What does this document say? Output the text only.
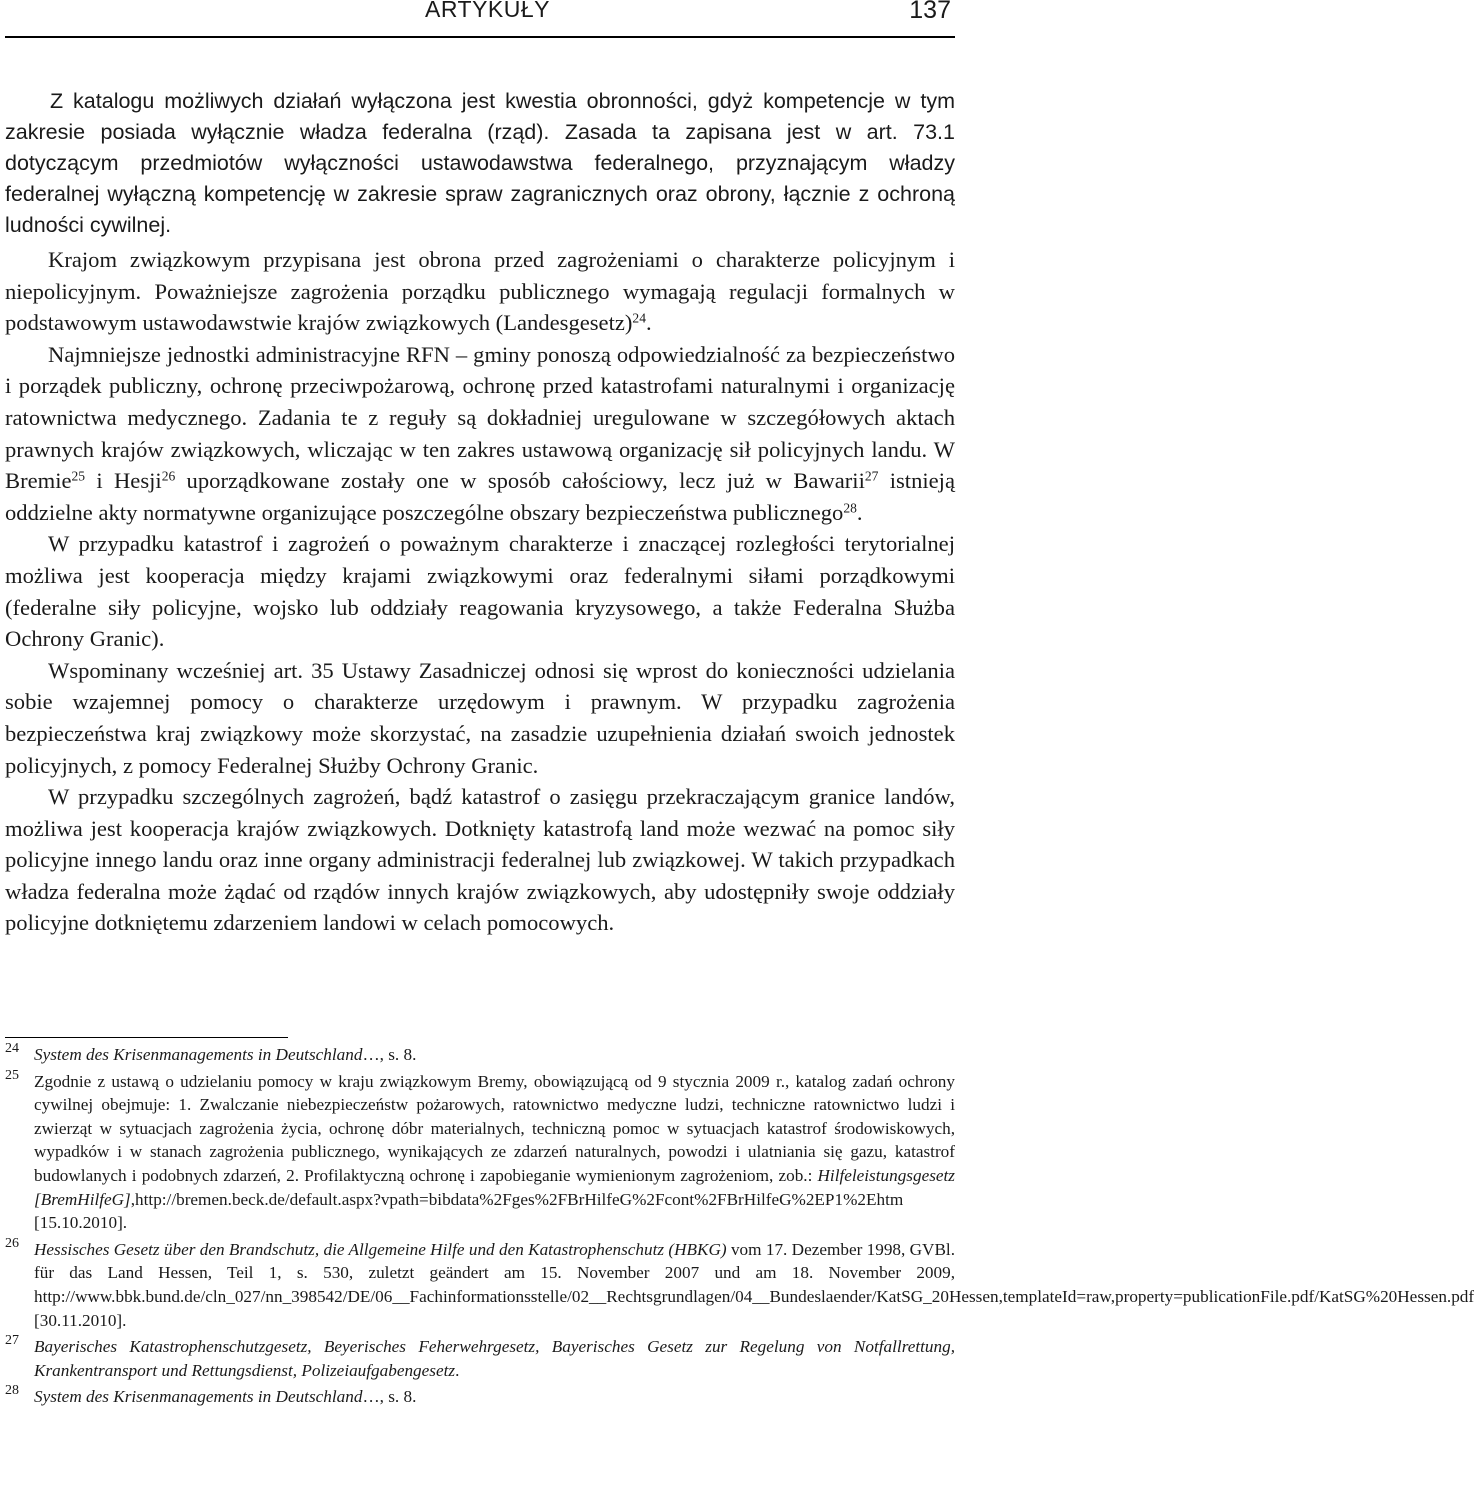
ARTYKUŁY	137

Z katalogu możliwych działań wyłączona jest kwestia obronności, gdyż kompetencje w tym zakresie posiada wyłącznie władza federalna (rząd). Zasada ta zapisana jest w art. 73.1 dotyczącym przedmiotów wyłączności ustawodawstwa federalnego, przyznającym władzy federalnej wyłączną kompetencję w zakresie spraw zagranicznych oraz obrony, łącznie z ochroną ludności cywilnej.

Krajom związkowym przypisana jest obrona przed zagrożeniami o charakterze policyjnym i niepolicyjnym. Poważniejsze zagrożenia porządku publicznego wymagają regulacji formalnych w podstawowym ustawodawstwie krajów związkowych (Landesgesetz)$^{24}$.

Najmniejsze jednostki administracyjne RFN – gminy ponoszą odpowiedzialność za bezpieczeństwo i porządek publiczny, ochronę przeciwpożarową, ochronę przed katastrofami naturalnymi i organizację ratownictwa medycznego. Zadania te z reguły są dokładniej uregulowane w szczegółowych aktach prawnych krajów związkowych, wliczając w ten zakres ustawową organizację sił policyjnych landu. W Bremie$^{25}$ i Hesji$^{26}$ uporządkowane zostały one w sposób całościowy, lecz już w Bawarii$^{27}$ istnieją oddzielne akty normatywne organizujące poszczególne obszary bezpieczeństwa publicznego$^{28}$.

W przypadku katastrof i zagrożeń o poważnym charakterze i znaczącej rozległości terytorialnej możliwa jest kooperacja między krajami związkowymi oraz federalnymi siłami porządkowymi (federalne siły policyjne, wojsko lub oddziały reagowania kryzysowego, a także Federalna Służba Ochrony Granic).

Wspominany wcześniej art. 35 Ustawy Zasadniczej odnosi się wprost do konieczności udzielania sobie wzajemnej pomocy o charakterze urzędowym i prawnym. W przypadku zagrożenia bezpieczeństwa kraj związkowy może skorzystać, na zasadzie uzupełnienia działań swoich jednostek policyjnych, z pomocy Federalnej Służby Ochrony Granic.

W przypadku szczególnych zagrożeń, bądź katastrof o zasięgu przekraczającym granice landów, możliwa jest kooperacja krajów związkowych. Dotknięty katastrofą land może wezwać na pomoc siły policyjne innego landu oraz inne organy administracji federalnej lub związkowej. W takich przypadkach władza federalna może żądać od rządów innych krajów związkowych, aby udostępniły swoje oddziały policyjne dotkniętemu zdarzeniem landowi w celach pomocowych.

24 System des Krisenmanagements in Deutschland…, s. 8.
25 Zgodnie z ustawą o udzielaniu pomocy w kraju związkowym Bremy, obowiązującą od 9 stycznia 2009 r., katalog zadań ochrony cywilnej obejmuje: 1. Zwalczanie niebezpieczeństw pożarowych, ratownictwo medyczne ludzi, techniczne ratownictwo ludzi i zwierząt w sytuacjach zagrożenia życia, ochronę dóbr materialnych, techniczną pomoc w sytuacjach katastrof środowiskowych, wypadków i w stanach zagrożenia publicznego, wynikających ze zdarzeń naturalnych, powodzi i ulatniania się gazu, katastrof budowlanych i podobnych zdarzeń, 2. Profilaktyczną ochronę i zapobieganie wymienionym zagrożeniom, zob.: Hilfeleistungsgesetz [BremHilfeG],http://bremen.beck.de/default.aspx?vpath=bibdata%2Fges%2FBrHilfeG%2Fcont%2FBrHilfeG%2EP1%2Ehtm [15.10.2010].
26 Hessisches Gesetz über den Brandschutz, die Allgemeine Hilfe und den Katastrophenschutz (HBKG) vom 17. Dezember 1998, GVBl. für das Land Hessen, Teil 1, s. 530, zuletzt geändert am 15. November 2007 und am 18. November 2009, http://www.bbk.bund.de/cln_027/nn_398542/DE/06__Fachinformationsstelle/02__Rechtsgrundlagen/04__Bundeslaender/KatSG_20Hessen,templateId=raw,property=publicationFile.pdf/KatSG%20Hessen.pdf [30.11.2010].
27 Bayerisches Katastrophenschutzgesetz, Beyerisches Feherwehrgesetz, Bayerisches Gesetz zur Regelung von Notfallrettung, Krankentransport und Rettungsdienst, Polizeiaufgabengesetz.
28 System des Krisenmanagements in Deutschland…, s. 8.
